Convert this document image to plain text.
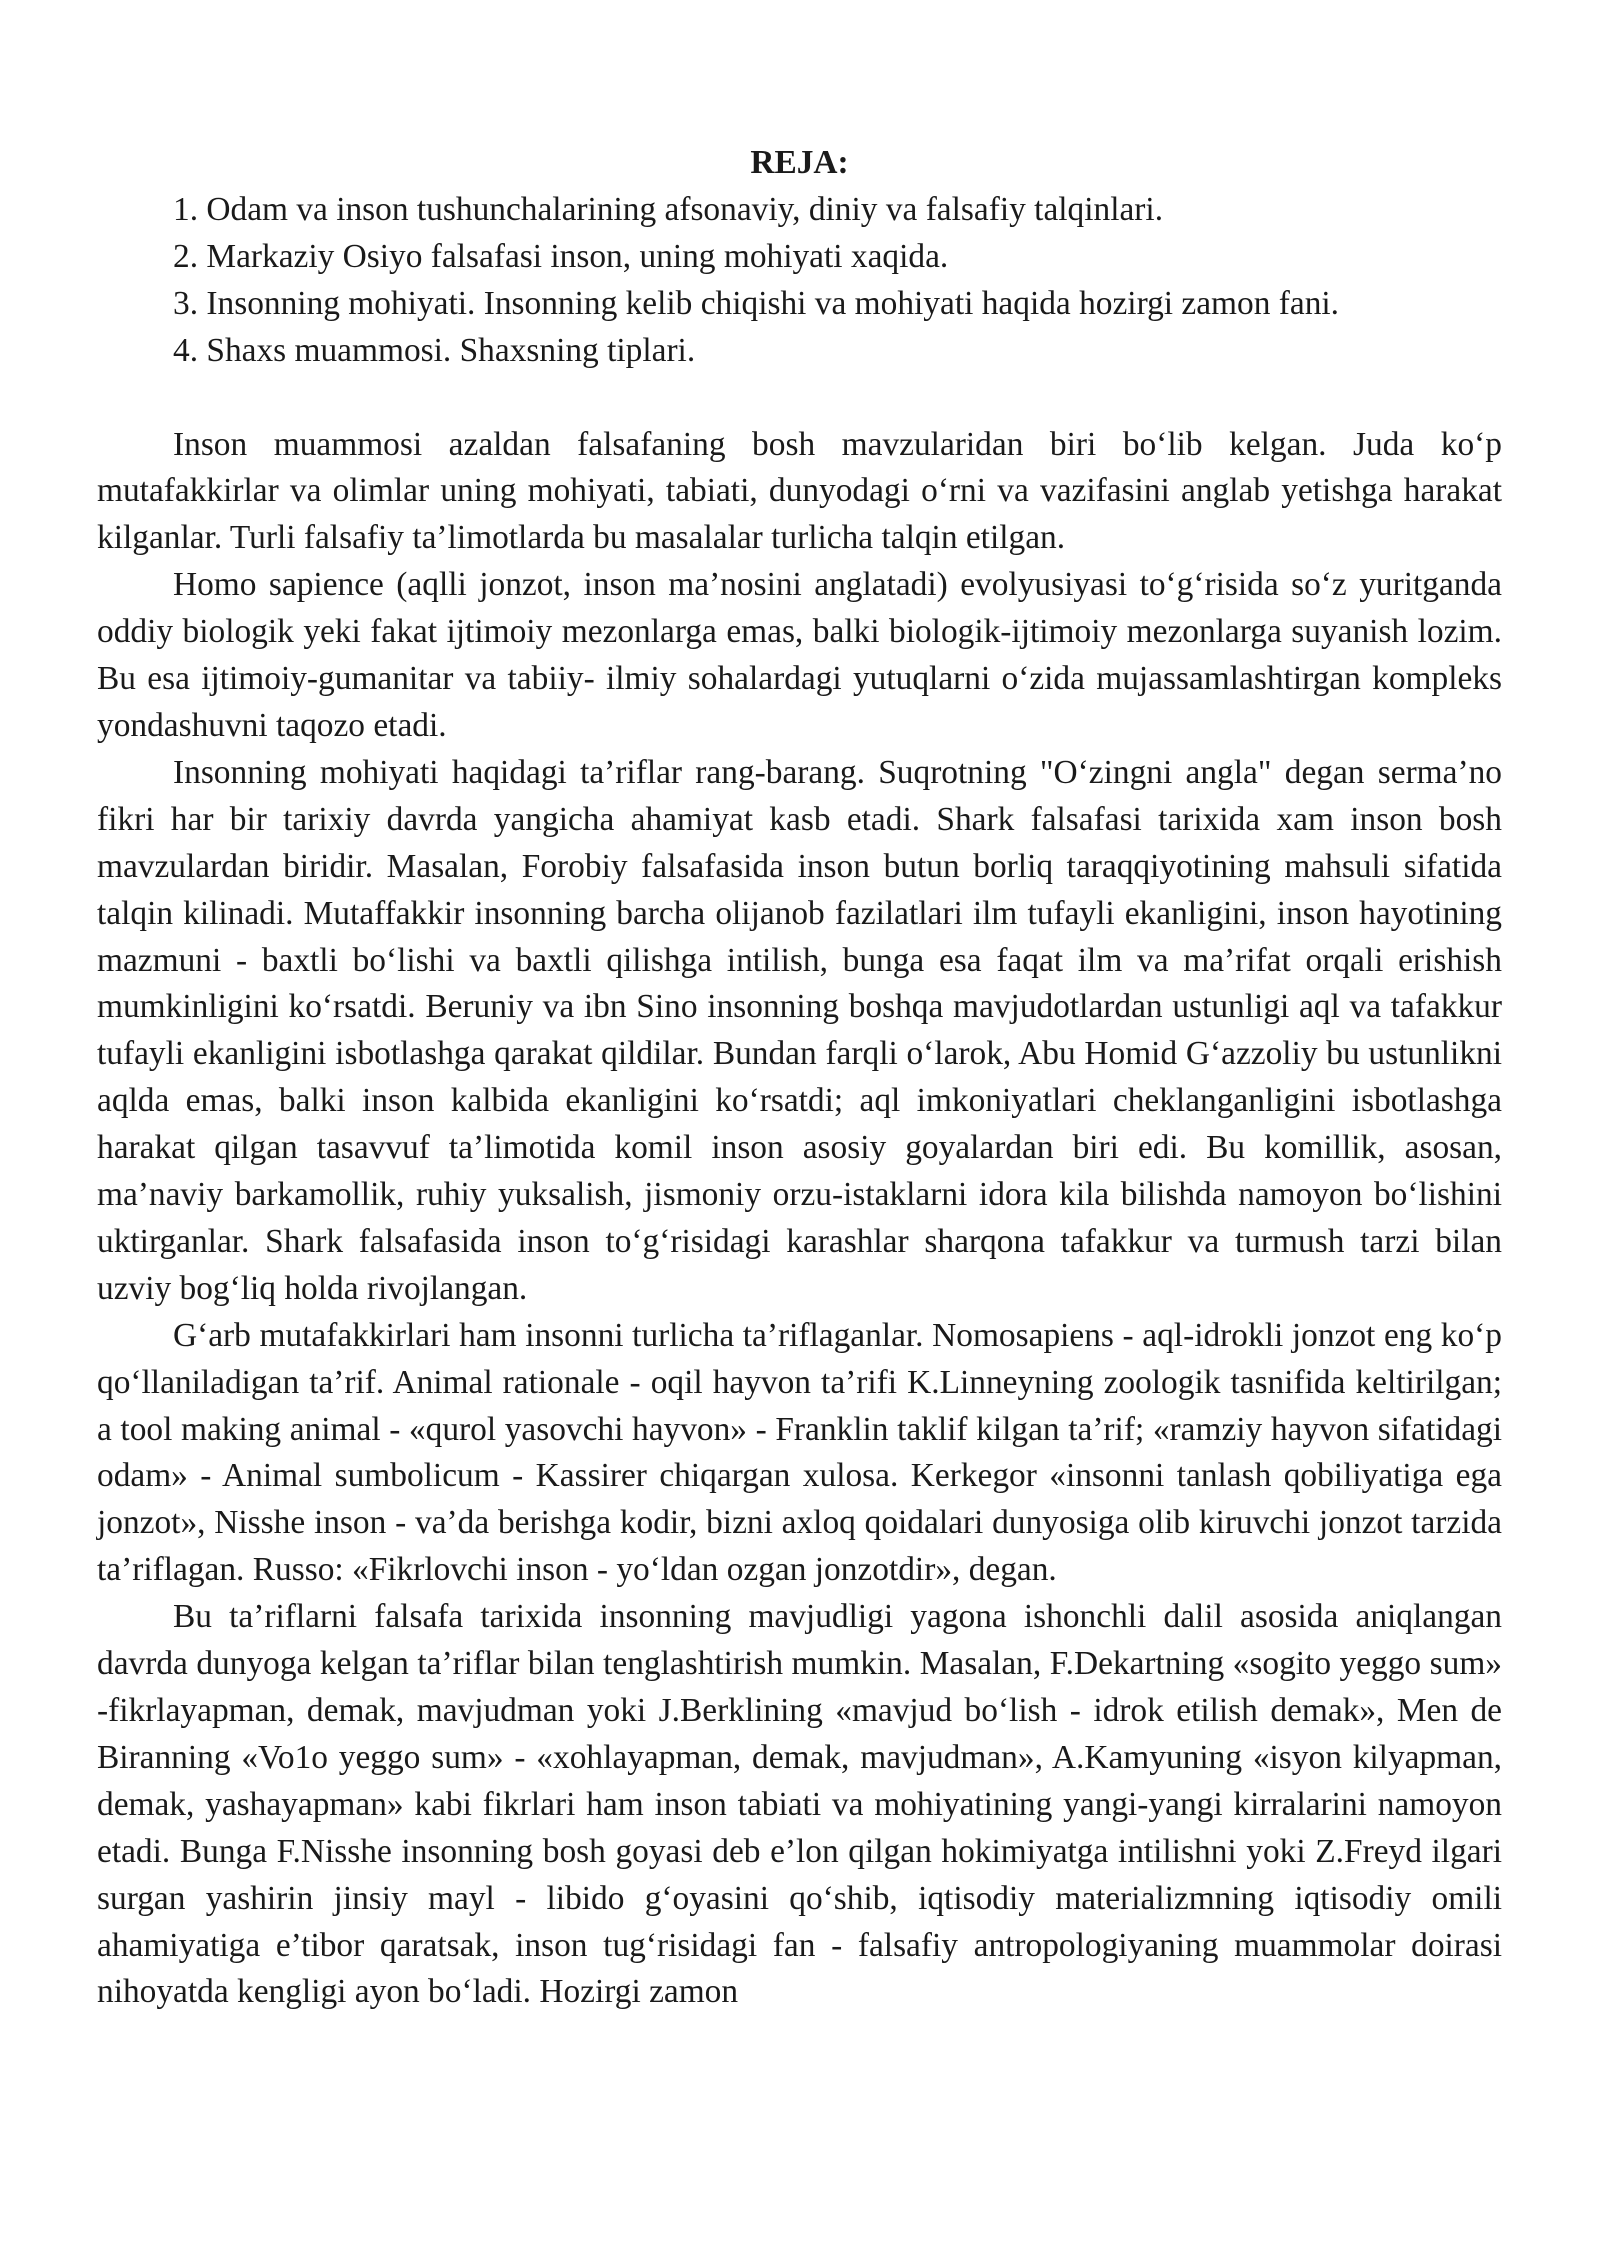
REJA:
1. Odam va inson tushunchalarining afsonaviy, diniy va falsafiy talqinlari.
2. Markaziy Osiyo falsafasi inson, uning mohiyati xaqida.
3. Insonning mohiyati. Insonning kelib chiqishi va mohiyati haqida hozirgi zamon fani.
4. Shaxs muammosi. Shaxsning tiplari.

Inson muammosi azaldan falsafaning bosh mavzularidan biri bo‘lib kelgan. Juda ko‘p mutafakkirlar va olimlar uning mohiyati, tabiati, dunyodagi o‘rni va vazifasini anglab yetishga harakat kilganlar. Turli falsafiy ta’limotlarda bu masalalar turlicha talqin etilgan.

Homo sapience (aqlli jonzot, inson ma’nosini anglatadi) evolyusiyasi to‘g‘risida so‘z yuritganda oddiy biologik yeki fakat ijtimoiy mezonlarga emas, balki biologik-ijtimoiy mezonlarga suyanish lozim. Bu esa ijtimoiy-gumanitar va tabiiy- ilmiy sohalardagi yutuqlarni o‘zida mujassamlashtirgan kompleks yondashuvni taqozo etadi.

Insonning mohiyati haqidagi ta’riflar rang-barang. Suqrotning "O‘zingni angla" degan serma’no fikri har bir tarixiy davrda yangicha ahamiyat kasb etadi. Shark falsafasi tarixida xam inson bosh mavzulardan biridir. Masalan, Forobiy falsafasida inson butun borliq taraqqiyotining mahsuli sifatida talqin kilinadi. Mutaffakkir insonning barcha olijanob fazilatlari ilm tufayli ekanligini, inson hayotining mazmuni - baxtli bo‘lishi va baxtli qilishga intilish, bunga esa faqat ilm va ma’rifat orqali erishish mumkinligini ko‘rsatdi. Beruniy va ibn Sino insonning boshqa mavjudotlardan ustunligi aql va tafakkur tufayli ekanligini isbotlashga qarakat qildilar. Bundan farqli o‘larok, Abu Homid G‘azzoliy bu ustunlikni aqlda emas, balki inson kalbida ekanligini ko‘rsatdi; aql imkoniyatlari cheklanganligini isbotlashga harakat qilgan tasavvuf ta’limotida komil inson asosiy goyalardan biri edi. Bu komillik, asosan, ma’naviy barkamollik, ruhiy yuksalish, jismoniy orzu-istaklarni idora kila bilishda namoyon bo‘lishini uktirganlar. Shark falsafasida inson to‘g‘risidagi karashlar sharqona tafakkur va turmush tarzi bilan uzviy bog‘liq holda rivojlangan.

G‘arb mutafakkirlari ham insonni turlicha ta’riflaganlar. Nomosapiens - aql-idrokli jonzot eng ko‘p qo‘llaniladigan ta’rif. Animal rationale - oqil hayvon ta’rifi K.Linneyning zoologik tasnifida keltirilgan; a tool making animal - «qurol yasovchi hayvon» - Franklin taklif kilgan ta’rif; «ramziy hayvon sifatidagi odam» - Animal sumbolicum - Kassirer chiqargan xulosa. Kerkegor «insonni tanlash qobiliyatiga ega jonzot», Nisshe inson - va’da berishga kodir, bizni axloq qoidalari dunyosiga olib kiruvchi jonzot tarzida ta’riflagan. Russo: «Fikrlovchi inson - yo‘ldan ozgan jonzotdir», degan.

Bu ta’riflarni falsafa tarixida insonning mavjudligi yagona ishonchli dalil asosida aniqlangan davrda dunyoga kelgan ta’riflar bilan tenglashtirish mumkin. Masalan, F.Dekartning «sogito yeggo sum» -fikrlayapman, demak, mavjudman yoki J.Berklining «mavjud bo‘lish - idrok etilish demak», Men de Biranning «Vo1o yeggo sum» - «xohlayapman, demak, mavjudman», A.Kamyuning «isyon kilyapman, demak, yashayapman» kabi fikrlari ham inson tabiati va mohiyatining yangi-yangi kirralarini namoyon etadi. Bunga F.Nisshe insonning bosh goyasi deb e’lon qilgan hokimiyatga intilishni yoki Z.Freyd ilgari surgan yashirin jinsiy mayl - libido g‘oyasini qo‘shib, iqtisodiy materializmning iqtisodiy omili ahamiyatiga e’tibor qaratsak, inson tug‘risidagi fan - falsafiy antropologiyaning muammolar doirasi nihoyatda kengligi ayon bo‘ladi. Hozirgi zamon
